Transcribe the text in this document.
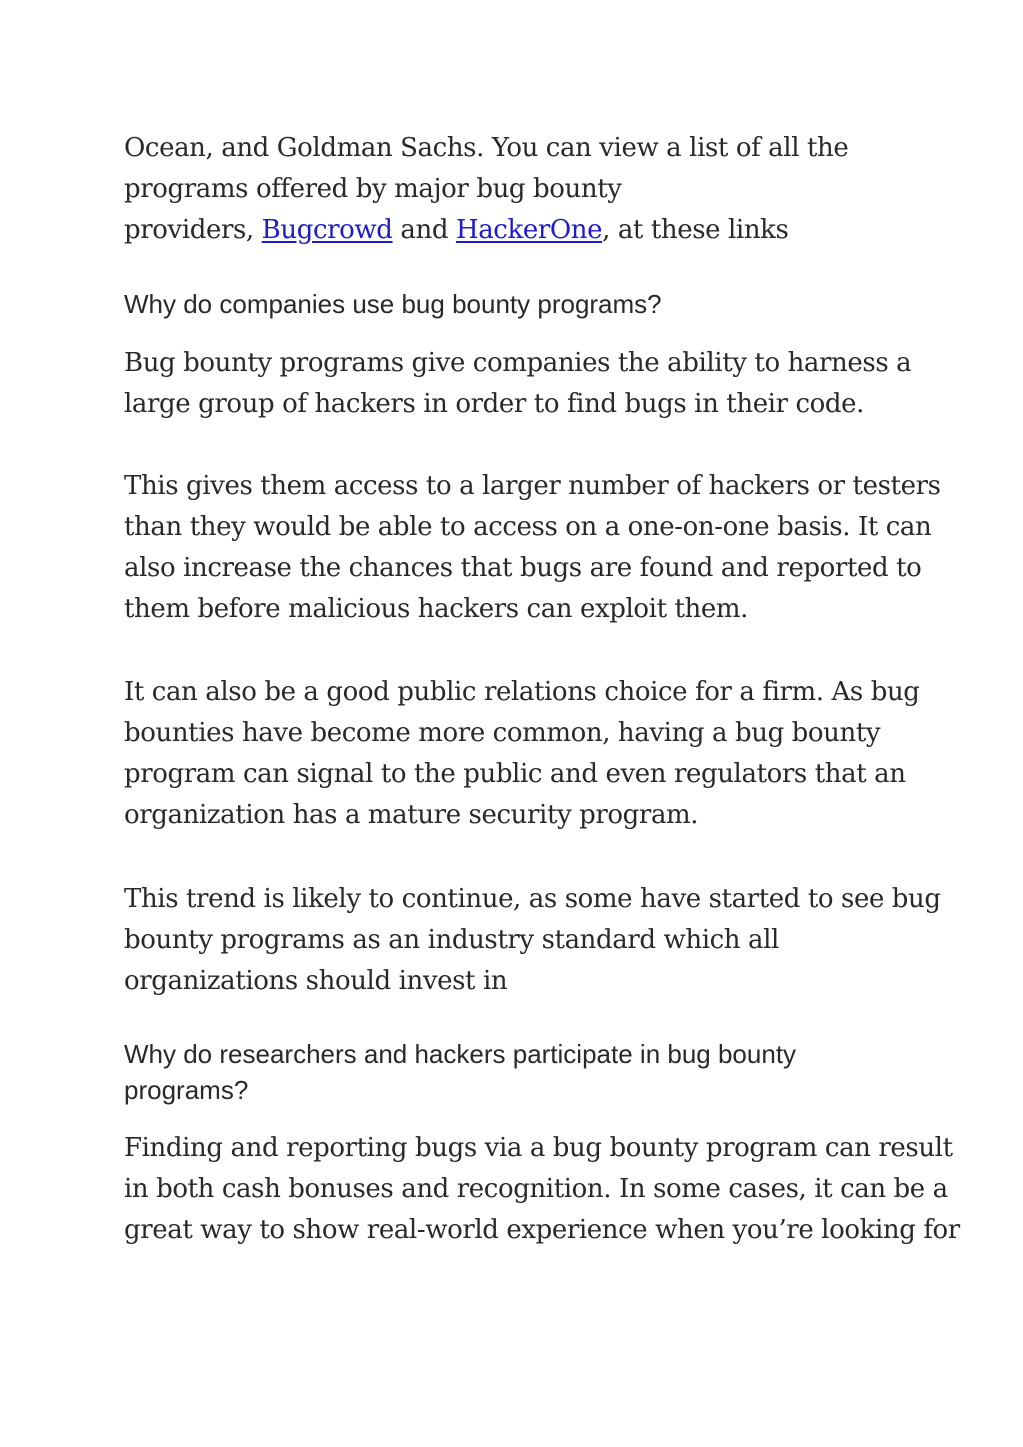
Ocean, and Goldman Sachs. You can view a list of all the
programs offered by major bug bounty
providers, Bugcrowd and HackerOne, at these links

Why do companies use bug bounty programs?

Bug bounty programs give companies the ability to harness a
large group of hackers in order to find bugs in their code.

This gives them access to a larger number of hackers or testers
than they would be able to access on a one-on-one basis. It can
also increase the chances that bugs are found and reported to
them before malicious hackers can exploit them.

It can also be a good public relations choice for a firm. As bug
bounties have become more common, having a bug bounty
program can signal to the public and even regulators that an
organization has a mature security program.

This trend is likely to continue, as some have started to see bug
bounty programs as an industry standard which all
organizations should invest in

Why do researchers and hackers participate in bug bounty
programs?

Finding and reporting bugs via a bug bounty program can result
in both cash bonuses and recognition. In some cases, it can be a
great way to show real-world experience when you’re looking for
